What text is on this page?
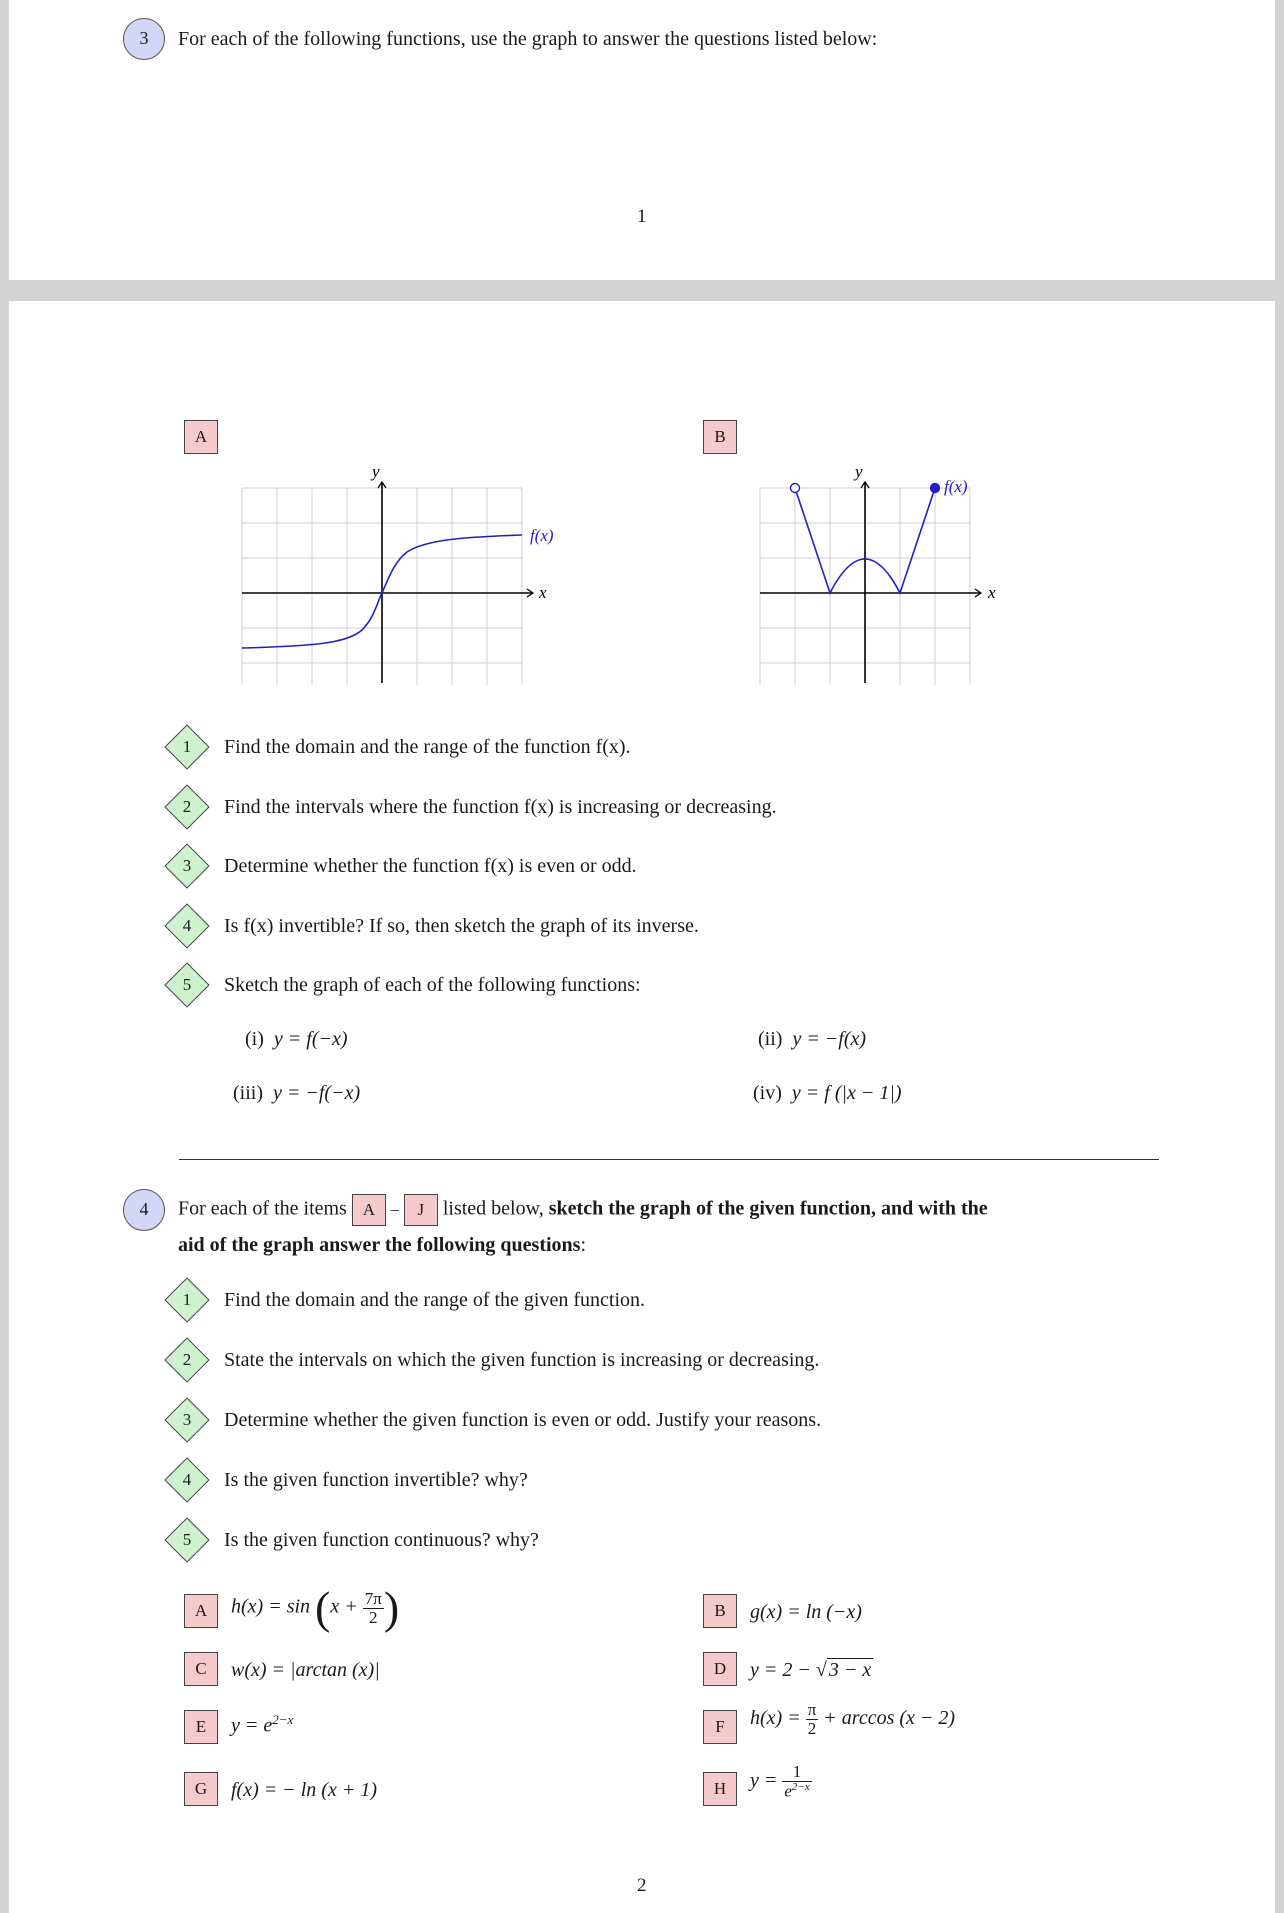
3	For each of the following functions, use the graph to answer the questions listed below:
1
A	B
y
x
f(x)
y
x
f(x)
1	Find the domain and the range of the function f(x).
2	Find the intervals where the function f(x) is increasing or decreasing.
3	Determine whether the function f(x) is even or odd.
4	Is f(x) invertible? If so, then sketch the graph of its inverse.
5	Sketch the graph of each of the following functions:
(i) y = f(−x)	(ii) y = −f(x)
(iii) y = −f(−x)	(iv) y = f (|x − 1|)
4	For each of the items A – J listed below, sketch the graph of the given function, and with the
aid of the graph answer the following questions:
1	Find the domain and the range of the given function.
2	State the intervals on which the given function is increasing or decreasing.
3	Determine whether the given function is even or odd. Justify your reasons.
4	Is the given function invertible? why?
5	Is the given function continuous? why?
A	$h(x) = \sin (x + \frac{7\pi}{2}$ )	B	g(x) = ln (−x)
C	w(x) = |arctan (x)|	D	y = 2 − √ 3 − x
E	$y = e^{2-x}$	F	$h(x) = \frac{\pi}{2} + \arccos (x - 2)$
G	f(x) = − ln (x + 1)	H	$y = \frac{1}{e^{2-x}}$
2
